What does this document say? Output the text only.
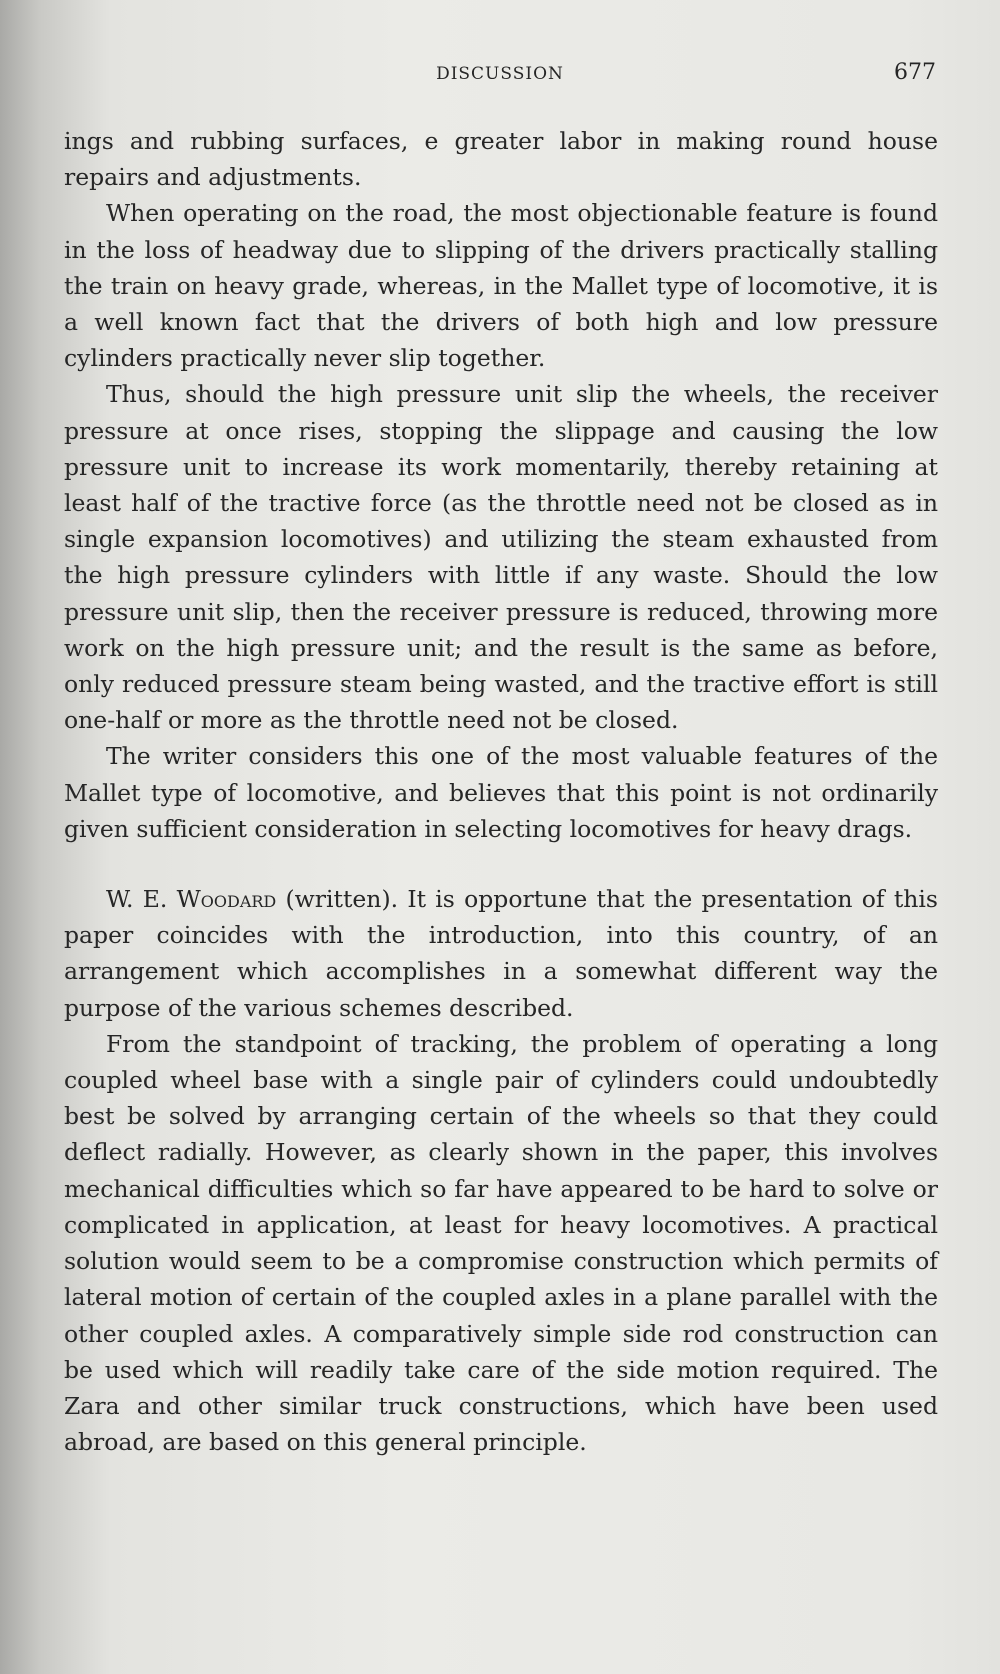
DISCUSSION	677

ings and rubbing surfaces, e greater labor in making round house repairs and adjustments.

When operating on the road, the most objectionable feature is found in the loss of headway due to slipping of the drivers practically stalling the train on heavy grade, whereas, in the Mallet type of locomotive, it is a well known fact that the drivers of both high and low pressure cylinders practically never slip together.

Thus, should the high pressure unit slip the wheels, the receiver pressure at once rises, stopping the slippage and causing the low pressure unit to increase its work momentarily, thereby retaining at least half of the tractive force (as the throttle need not be closed as in single expansion locomotives) and utilizing the steam exhausted from the high pressure cylinders with little if any waste. Should the low pressure unit slip, then the receiver pressure is reduced, throwing more work on the high pressure unit; and the result is the same as before, only reduced pressure steam being wasted, and the tractive effort is still one-half or more as the throttle need not be closed.

The writer considers this one of the most valuable features of the Mallet type of locomotive, and believes that this point is not ordinarily given sufficient consideration in selecting locomotives for heavy drags.

W. E. Woodard (written). It is opportune that the presentation of this paper coincides with the introduction, into this country, of an arrangement which accomplishes in a somewhat different way the purpose of the various schemes described.

From the standpoint of tracking, the problem of operating a long coupled wheel base with a single pair of cylinders could undoubtedly best be solved by arranging certain of the wheels so that they could deflect radially. However, as clearly shown in the paper, this involves mechanical difficulties which so far have appeared to be hard to solve or complicated in application, at least for heavy locomotives. A practical solution would seem to be a compromise construction which permits of lateral motion of certain of the coupled axles in a plane parallel with the other coupled axles. A comparatively simple side rod construction can be used which will readily take care of the side motion required. The Zara and other similar truck constructions, which have been used abroad, are based on this general principle.
